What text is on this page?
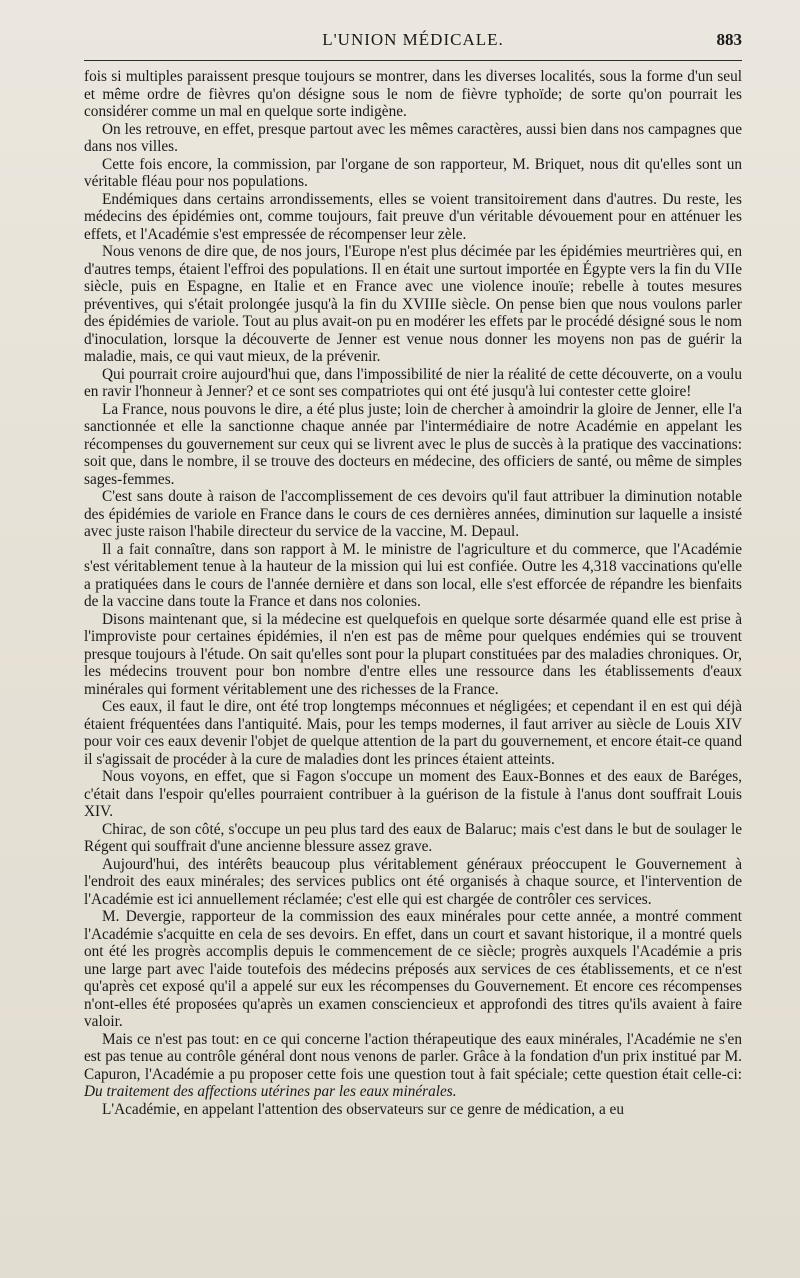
L'UNION MÉDICALE.	883

fois si multiples paraissent presque toujours se montrer, dans les diverses localités, sous la forme d'un seul et même ordre de fièvres qu'on désigne sous le nom de fièvre typhoïde; de sorte qu'on pourrait les considérer comme un mal en quelque sorte indigène.

On les retrouve, en effet, presque partout avec les mêmes caractères, aussi bien dans nos campagnes que dans nos villes.

Cette fois encore, la commission, par l'organe de son rapporteur, M. Briquet, nous dit qu'elles sont un véritable fléau pour nos populations.

Endémiques dans certains arrondissements, elles se voient transitoirement dans d'autres. Du reste, les médecins des épidémies ont, comme toujours, fait preuve d'un véritable dévouement pour en atténuer les effets, et l'Académie s'est empressée de récompenser leur zèle.

Nous venons de dire que, de nos jours, l'Europe n'est plus décimée par les épidémies meurtrières qui, en d'autres temps, étaient l'effroi des populations. Il en était une surtout importée en Égypte vers la fin du VIIe siècle, puis en Espagne, en Italie et en France avec une violence inouïe; rebelle à toutes mesures préventives, qui s'était prolongée jusqu'à la fin du XVIIIe siècle. On pense bien que nous voulons parler des épidémies de variole. Tout au plus avait-on pu en modérer les effets par le procédé désigné sous le nom d'inoculation, lorsque la découverte de Jenner est venue nous donner les moyens non pas de guérir la maladie, mais, ce qui vaut mieux, de la prévenir.

Qui pourrait croire aujourd'hui que, dans l'impossibilité de nier la réalité de cette découverte, on a voulu en ravir l'honneur à Jenner? et ce sont ses compatriotes qui ont été jusqu'à lui contester cette gloire!

La France, nous pouvons le dire, a été plus juste; loin de chercher à amoindrir la gloire de Jenner, elle l'a sanctionnée et elle la sanctionne chaque année par l'intermédiaire de notre Académie en appelant les récompenses du gouvernement sur ceux qui se livrent avec le plus de succès à la pratique des vaccinations: soit que, dans le nombre, il se trouve des docteurs en médecine, des officiers de santé, ou même de simples sages-femmes.

C'est sans doute à raison de l'accomplissement de ces devoirs qu'il faut attribuer la diminution notable des épidémies de variole en France dans le cours de ces dernières années, diminution sur laquelle a insisté avec juste raison l'habile directeur du service de la vaccine, M. Depaul.

Il a fait connaître, dans son rapport à M. le ministre de l'agriculture et du commerce, que l'Académie s'est véritablement tenue à la hauteur de la mission qui lui est confiée. Outre les 4,318 vaccinations qu'elle a pratiquées dans le cours de l'année dernière et dans son local, elle s'est efforcée de répandre les bienfaits de la vaccine dans toute la France et dans nos colonies.

Disons maintenant que, si la médecine est quelquefois en quelque sorte désarmée quand elle est prise à l'improviste pour certaines épidémies, il n'en est pas de même pour quelques endémies qui se trouvent presque toujours à l'étude. On sait qu'elles sont pour la plupart constituées par des maladies chroniques. Or, les médecins trouvent pour bon nombre d'entre elles une ressource dans les établissements d'eaux minérales qui forment véritablement une des richesses de la France.

Ces eaux, il faut le dire, ont été trop longtemps méconnues et négligées; et cependant il en est qui déjà étaient fréquentées dans l'antiquité. Mais, pour les temps modernes, il faut arriver au siècle de Louis XIV pour voir ces eaux devenir l'objet de quelque attention de la part du gouvernement, et encore était-ce quand il s'agissait de procéder à la cure de maladies dont les princes étaient atteints.

Nous voyons, en effet, que si Fagon s'occupe un moment des Eaux-Bonnes et des eaux de Baréges, c'était dans l'espoir qu'elles pourraient contribuer à la guérison de la fistule à l'anus dont souffrait Louis XIV.

Chirac, de son côté, s'occupe un peu plus tard des eaux de Balaruc; mais c'est dans le but de soulager le Régent qui souffrait d'une ancienne blessure assez grave.

Aujourd'hui, des intérêts beaucoup plus véritablement généraux préoccupent le Gouvernement à l'endroit des eaux minérales; des services publics ont été organisés à chaque source, et l'intervention de l'Académie est ici annuellement réclamée; c'est elle qui est chargée de contrôler ces services.

M. Devergie, rapporteur de la commission des eaux minérales pour cette année, a montré comment l'Académie s'acquitte en cela de ses devoirs. En effet, dans un court et savant historique, il a montré quels ont été les progrès accomplis depuis le commencement de ce siècle; progrès auxquels l'Académie a pris une large part avec l'aide toutefois des médecins préposés aux services de ces établissements, et ce n'est qu'après cet exposé qu'il a appelé sur eux les récompenses du Gouvernement. Et encore ces récompenses n'ont-elles été proposées qu'après un examen consciencieux et approfondi des titres qu'ils avaient à faire valoir.

Mais ce n'est pas tout: en ce qui concerne l'action thérapeutique des eaux minérales, l'Académie ne s'en est pas tenue au contrôle général dont nous venons de parler. Grâce à la fondation d'un prix institué par M. Capuron, l'Académie a pu proposer cette fois une question tout à fait spéciale; cette question était celle-ci: Du traitement des affections utérines par les eaux minérales.

L'Académie, en appelant l'attention des observateurs sur ce genre de médication, a eu
